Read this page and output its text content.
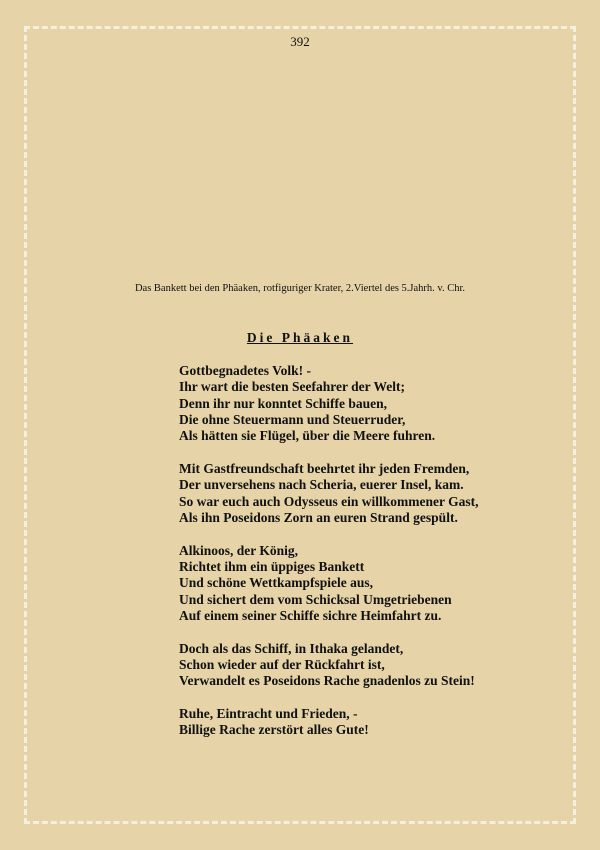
392
Das Bankett bei den Phäaken, rotfiguriger Krater, 2.Viertel des 5.Jahrh. v. Chr.
Die Phäaken
Gottbegnadetes Volk! -
Ihr wart die besten Seefahrer der Welt;
Denn ihr nur konntet Schiffe bauen,
Die ohne Steuermann und Steuerruder,
Als hätten sie Flügel, über die Meere fuhren.
Mit Gastfreundschaft beehrtet ihr jeden Fremden,
Der unversehens nach Scheria, euerer Insel, kam.
So war euch auch Odysseus ein willkommener Gast,
Als ihn Poseidons Zorn an euren Strand gespült.
Alkinoos, der König,
Richtet ihm ein üppiges Bankett
Und schöne Wettkampfspiele aus,
Und sichert dem vom Schicksal Umgetriebenen
Auf einem seiner Schiffe sichre Heimfahrt zu.
Doch als das Schiff, in Ithaka gelandet,
Schon wieder auf der Rückfahrt ist,
Verwandelt es Poseidons Rache gnadenlos zu Stein!
Ruhe, Eintracht und Frieden, -
Billige Rache zerstört alles Gute!
